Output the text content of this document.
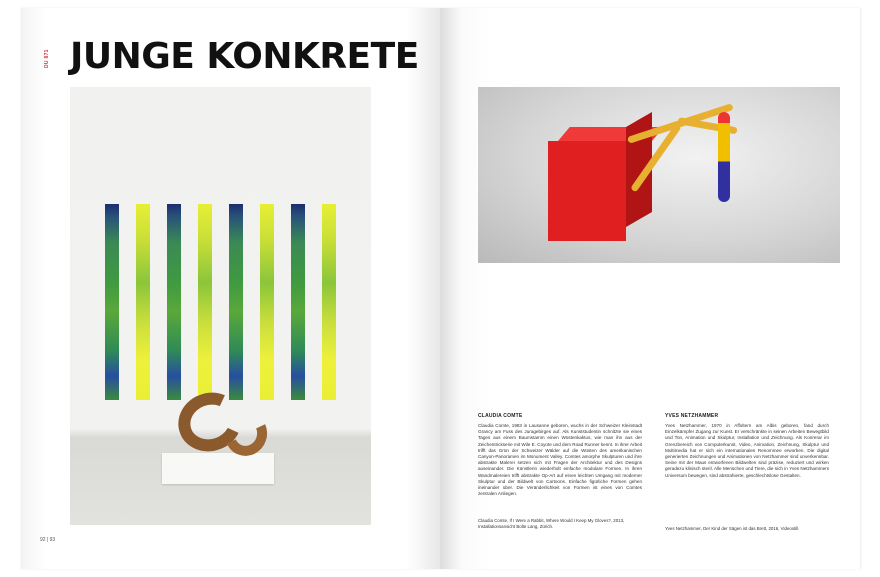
DU 871 JUNGE KONKRETE
92 | 93
CLAUDIA COMTE
Claudia Comte, 1983 in Lausanne geboren, wuchs in der Schweizer Kleinstadt Grancy am Fuss des Juragebirges auf. Als Kunststudentin schnitzte sie eines Tages aus einem Baumstamm einen Wüstenkaktus, wie man ihn aus der Zeichentrickserie mit Wile E. Coyote und dem Road Runner kennt. In ihrer Arbeit trifft das Grün der Schweizer Wälder auf die Wüsten des amerikanischen Canyon-Panoramen im Monument Valley. Comtes amorphe Skulpturen und ihre abstrakte Malerei setzen sich mit Fragen der Architektur und des Designs auseinander. Die Künstlerin wiederholt einfache modulare Formen. In ihren Wandmalereien trifft abstrakte Op-Art auf einen leichten Umgang mit moderner Skulptur und der Bildwelt von Cartoons. Einfache figürliche Formen gehen ineinander über. Die Veränderlichkeit von Formen ist eines von Comtes zentralen Anliegen.
YVES NETZHAMMER
Yves Netzhammer, 1970 in Affoltern am Albis geboren, fand durch Einzelkämpfer Zugang zur Kunst. Er verschränkte in seinen Arbeiten Bewegtbild und Ton, Animation und Skulptur, Installation und Zeichnung. Als Konrerar im Grenzbereich von Computerkunst, Video, Animation, Zeichnung, Skulptur und Multimedia hat er sich ein internationales Renommee erworben. Die digital generierten Zeichnungen und Animationen von Netzhammer sind unverkennbar. Seine mit der Maus entworfenen Bildwelten sind präzise, reduziert und wirken geradezu klinisch steril. Alle Menschen und Tiere, die sich in Yves Netzhammers Universum bewegen, sind abstrahierte, geschlechtslose Gestalten.
Claudia Comte, If I Were a Rabbit, Where Would I Keep My Gloves?, 2013, Installationsansicht Bolte Lang, Zürich.	Yves Netzhammer, Der Kind der Sägen ist das Brett, 2016, Videostill.
